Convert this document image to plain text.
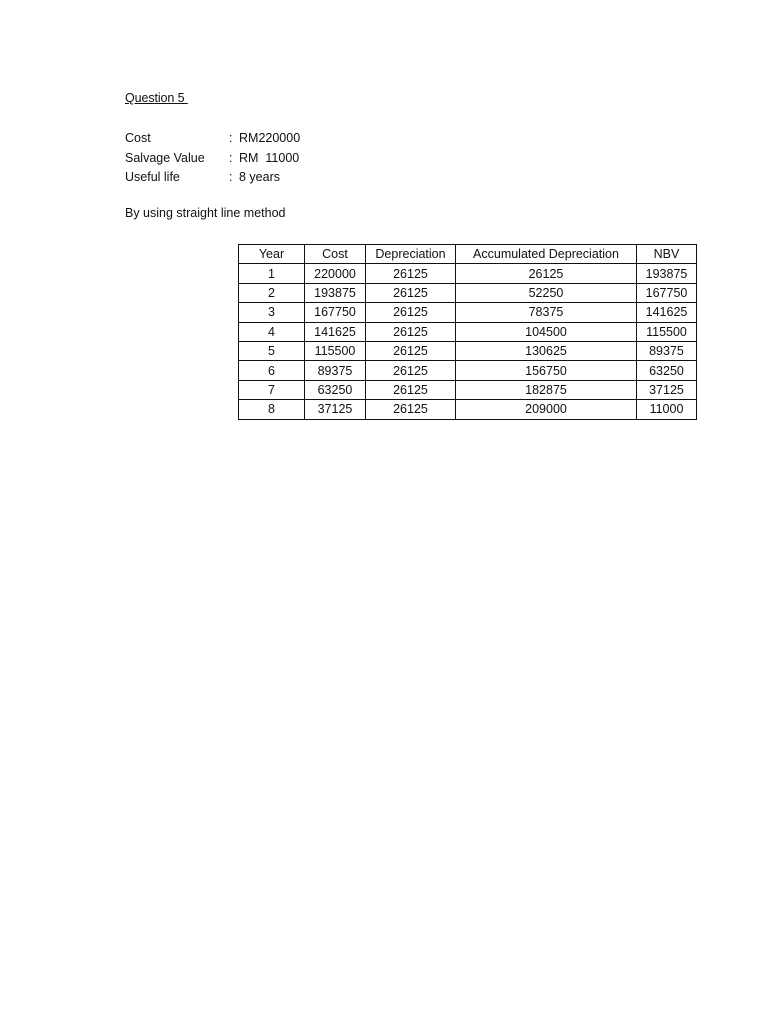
Question 5
Cost	: RM220000
Salvage Value	: RM  11000
Useful life	: 8 years
By using straight line method
Year	Cost	Depreciation	Accumulated Depreciation	NBV
1	220000	26125	26125	193875
2	193875	26125	52250	167750
3	167750	26125	78375	141625
4	141625	26125	104500	115500
5	115500	26125	130625	89375
6	89375	26125	156750	63250
7	63250	26125	182875	37125
8	37125	26125	209000	11000
